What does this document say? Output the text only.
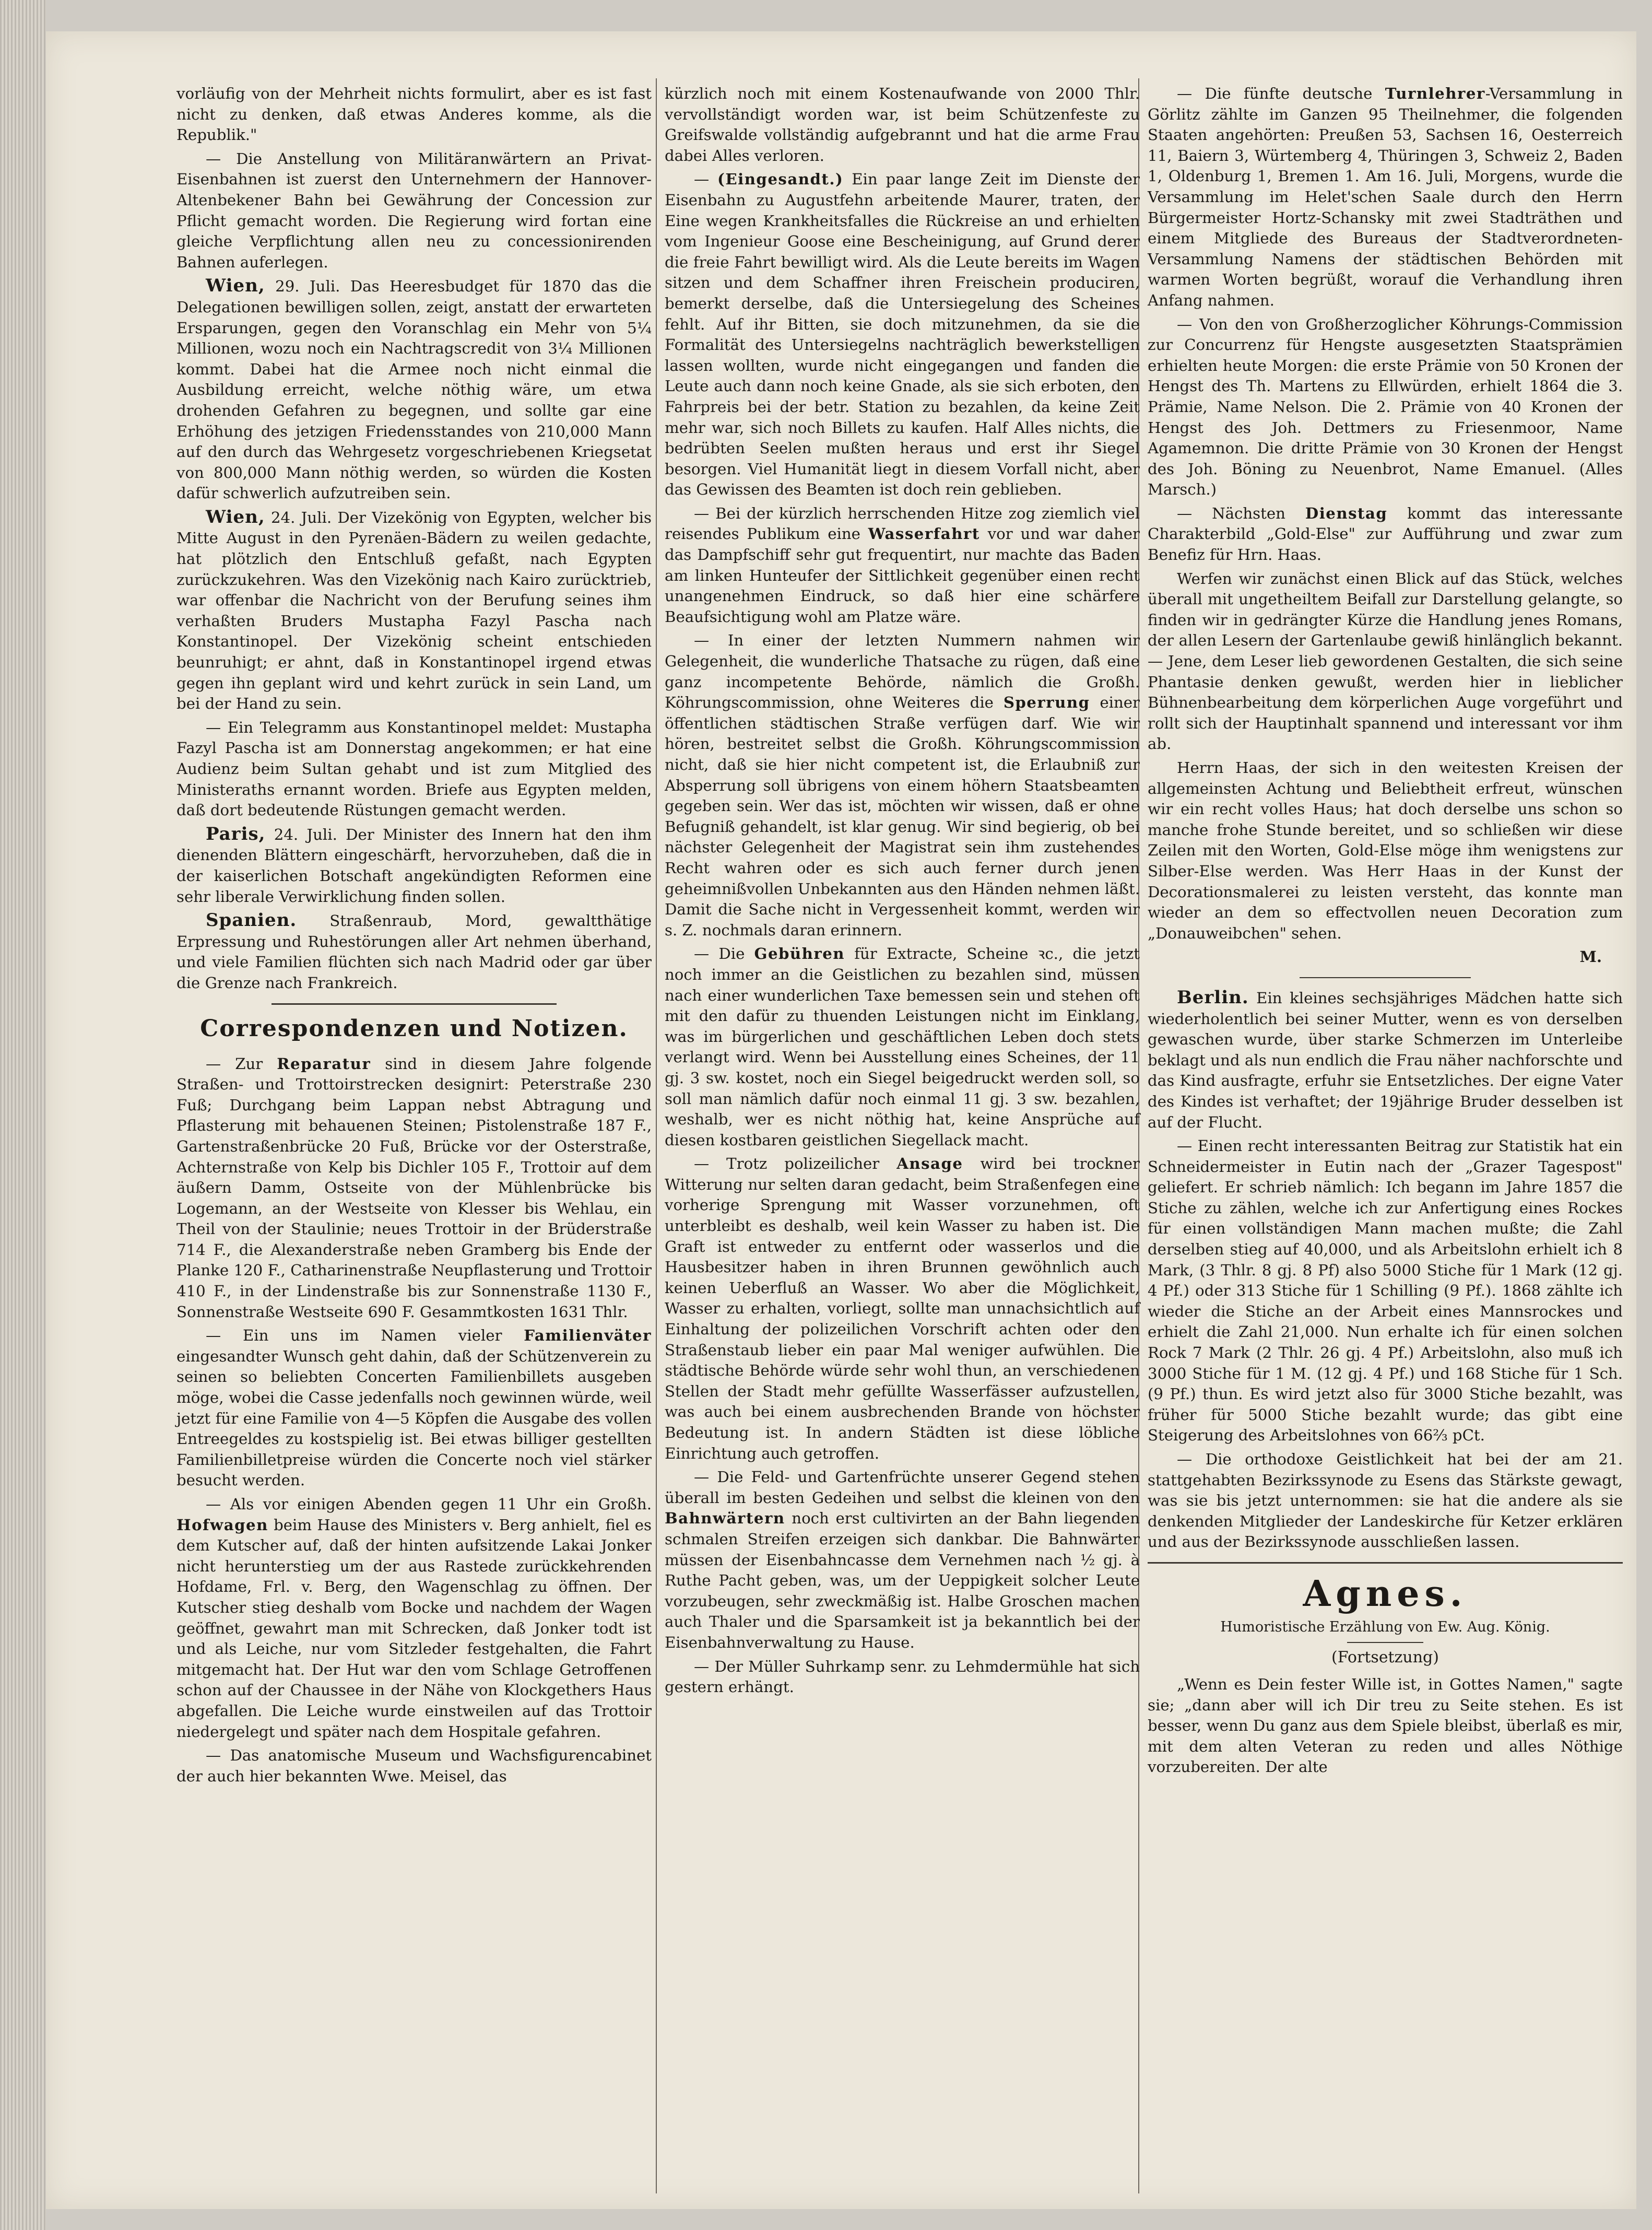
vorläufig von der Mehrheit nichts formulirt, aber es ist fast nicht zu denken, daß etwas Anderes komme, als die Republik."

— Die Anstellung von Militäranwärtern an Privat-Eisenbahnen ist zuerst den Unternehmern der Hannover-Altenbekener Bahn bei Gewährung der Concession zur Pflicht gemacht worden. Die Regierung wird fortan eine gleiche Verpflichtung allen neu zu concessionirenden Bahnen auferlegen.

Wien, 29. Juli. Das Heeresbudget für 1870 das die Delegationen bewilligen sollen, zeigt, anstatt der erwarteten Ersparungen, gegen den Voranschlag ein Mehr von 5¼ Millionen, wozu noch ein Nachtragscredit von 3¼ Millionen kommt. Dabei hat die Armee noch nicht einmal die Ausbildung erreicht, welche nöthig wäre, um etwa drohenden Gefahren zu begegnen, und sollte gar eine Erhöhung des jetzigen Friedensstandes von 210,000 Mann auf den durch das Wehrgesetz vorgeschriebenen Kriegsetat von 800,000 Mann nöthig werden, so würden die Kosten dafür schwerlich aufzutreiben sein.

Wien, 24. Juli. Der Vizekönig von Egypten, welcher bis Mitte August in den Pyrenäen-Bädern zu weilen gedachte, hat plötzlich den Entschluß gefaßt, nach Egypten zurückzukehren. Was den Vizekönig nach Kairo zurücktrieb, war offenbar die Nachricht von der Berufung seines ihm verhaßten Bruders Mustapha Fazyl Pascha nach Konstantinopel. Der Vizekönig scheint entschieden beunruhigt; er ahnt, daß in Konstantinopel irgend etwas gegen ihn geplant wird und kehrt zurück in sein Land, um bei der Hand zu sein.

— Ein Telegramm aus Konstantinopel meldet: Mustapha Fazyl Pascha ist am Donnerstag angekommen; er hat eine Audienz beim Sultan gehabt und ist zum Mitglied des Ministeraths ernannt worden. Briefe aus Egypten melden, daß dort bedeutende Rüstungen gemacht werden.

Paris, 24. Juli. Der Minister des Innern hat den ihm dienenden Blättern eingeschärft, hervorzuheben, daß die in der kaiserlichen Botschaft angekündigten Reformen eine sehr liberale Verwirklichung finden sollen.

Spanien. Straßenraub, Mord, gewaltthätige Erpressung und Ruhestörungen aller Art nehmen überhand, und viele Familien flüchten sich nach Madrid oder gar über die Grenze nach Frankreich.

Correspondenzen und Notizen.

— Zur Reparatur sind in diesem Jahre folgende Straßen- und Trottoirstrecken designirt: Peterstraße 230 Fuß; Durchgang beim Lappan nebst Abtragung und Pflasterung mit behauenen Steinen; Pistolenstraße 187 F., Gartenstraßenbrücke 20 Fuß, Brücke vor der Osterstraße, Achternstraße von Kelp bis Dichler 105 F., Trottoir auf dem äußern Damm, Ostseite von der Mühlenbrücke bis Logemann, an der Westseite von Klesser bis Wehlau, ein Theil von der Staulinie; neues Trottoir in der Brüderstraße 714 F., die Alexanderstraße neben Gramberg bis Ende der Planke 120 F., Catharinenstraße Neupflasterung und Trottoir 410 F., in der Lindenstraße bis zur Sonnenstraße 1130 F., Sonnenstraße Westseite 690 F. Gesammtkosten 1631 Thlr.

— Ein uns im Namen vieler Familienväter eingesandter Wunsch geht dahin, daß der Schützenverein zu seinen so beliebten Concerten Familienbillets ausgeben möge, wobei die Casse jedenfalls noch gewinnen würde, weil jetzt für eine Familie von 4—5 Köpfen die Ausgabe des vollen Entreegeldes zu kostspielig ist. Bei etwas billiger gestellten Familienbilletpreise würden die Concerte noch viel stärker besucht werden.

— Als vor einigen Abenden gegen 11 Uhr ein Großh. Hofwagen beim Hause des Ministers v. Berg anhielt, fiel es dem Kutscher auf, daß der hinten aufsitzende Lakai Jonker nicht herunterstieg um der aus Rastede zurückkehrenden Hofdame, Frl. v. Berg, den Wagenschlag zu öffnen. Der Kutscher stieg deshalb vom Bocke und nachdem der Wagen geöffnet, gewahrt man mit Schrecken, daß Jonker todt ist und als Leiche, nur vom Sitzleder festgehalten, die Fahrt mitgemacht hat. Der Hut war den vom Schlage Getroffenen schon auf der Chaussee in der Nähe von Klockgethers Haus abgefallen. Die Leiche wurde einstweilen auf das Trottoir niedergelegt und später nach dem Hospitale gefahren.

— Das anatomische Museum und Wachsfigurencabinet der auch hier bekannten Wwe. Meisel, das

kürzlich noch mit einem Kostenaufwande von 2000 Thlr. vervollständigt worden war, ist beim Schützenfeste zu Greifswalde vollständig aufgebrannt und hat die arme Frau dabei Alles verloren.

— (Eingesandt.) Ein paar lange Zeit im Dienste der Eisenbahn zu Augustfehn arbeitende Maurer, traten, der Eine wegen Krankheitsfalles die Rückreise an und erhielten vom Ingenieur Goose eine Bescheinigung, auf Grund derer die freie Fahrt bewilligt wird. Als die Leute bereits im Wagen sitzen und dem Schaffner ihren Freischein produciren, bemerkt derselbe, daß die Untersiegelung des Scheines fehlt. Auf ihr Bitten, sie doch mitzunehmen, da sie die Formalität des Untersiegelns nachträglich bewerkstelligen lassen wollten, wurde nicht eingegangen und fanden die Leute auch dann noch keine Gnade, als sie sich erboten, den Fahrpreis bei der betr. Station zu bezahlen, da keine Zeit mehr war, sich noch Billets zu kaufen. Half Alles nichts, die bedrübten Seelen mußten heraus und erst ihr Siegel besorgen. Viel Humanität liegt in diesem Vorfall nicht, aber das Gewissen des Beamten ist doch rein geblieben.

— Bei der kürzlich herrschenden Hitze zog ziemlich viel reisendes Publikum eine Wasserfahrt vor und war daher das Dampfschiff sehr gut frequentirt, nur machte das Baden am linken Hunteufer der Sittlichkeit gegenüber einen recht unangenehmen Eindruck, so daß hier eine schärfere Beaufsichtigung wohl am Platze wäre.

— In einer der letzten Nummern nahmen wir Gelegenheit, die wunderliche Thatsache zu rügen, daß eine ganz incompetente Behörde, nämlich die Großh. Köhrungscommission, ohne Weiteres die Sperrung einer öffentlichen städtischen Straße verfügen darf. Wie wir hören, bestreitet selbst die Großh. Köhrungscommission nicht, daß sie hier nicht competent ist, die Erlaubniß zur Absperrung soll übrigens von einem höhern Staatsbeamten gegeben sein. Wer das ist, möchten wir wissen, daß er ohne Befugniß gehandelt, ist klar genug. Wir sind begierig, ob bei nächster Gelegenheit der Magistrat sein ihm zustehendes Recht wahren oder es sich auch ferner durch jenen geheimnißvollen Unbekannten aus den Händen nehmen läßt. Damit die Sache nicht in Vergessenheit kommt, werden wir s. Z. nochmals daran erinnern.

— Die Gebühren für Extracte, Scheine ꝛc., die jetzt noch immer an die Geistlichen zu bezahlen sind, müssen nach einer wunderlichen Taxe bemessen sein und stehen oft mit den dafür zu thuenden Leistungen nicht im Einklang, was im bürgerlichen und geschäftlichen Leben doch stets verlangt wird. Wenn bei Ausstellung eines Scheines, der 11 gj. 3 sw. kostet, noch ein Siegel beigedruckt werden soll, so soll man nämlich dafür noch einmal 11 gj. 3 sw. bezahlen, weshalb, wer es nicht nöthig hat, keine Ansprüche auf diesen kostbaren geistlichen Siegellack macht.

— Trotz polizeilicher Ansage wird bei trockner Witterung nur selten daran gedacht, beim Straßenfegen eine vorherige Sprengung mit Wasser vorzunehmen, oft unterbleibt es deshalb, weil kein Wasser zu haben ist. Die Graft ist entweder zu entfernt oder wasserlos und die Hausbesitzer haben in ihren Brunnen gewöhnlich auch keinen Ueberfluß an Wasser. Wo aber die Möglichkeit, Wasser zu erhalten, vorliegt, sollte man unnachsichtlich auf Einhaltung der polizeilichen Vorschrift achten oder den Straßenstaub lieber ein paar Mal weniger aufwühlen. Die städtische Behörde würde sehr wohl thun, an verschiedenen Stellen der Stadt mehr gefüllte Wasserfässer aufzustellen, was auch bei einem ausbrechenden Brande von höchster Bedeutung ist. In andern Städten ist diese löbliche Einrichtung auch getroffen.

— Die Feld- und Gartenfrüchte unserer Gegend stehen überall im besten Gedeihen und selbst die kleinen von den Bahnwärtern noch erst cultivirten an der Bahn liegenden schmalen Streifen erzeigen sich dankbar. Die Bahnwärter müssen der Eisenbahncasse dem Vernehmen nach ½ gj. à Ruthe Pacht geben, was, um der Ueppigkeit solcher Leute vorzubeugen, sehr zweckmäßig ist. Halbe Groschen machen auch Thaler und die Sparsamkeit ist ja bekanntlich bei der Eisenbahnverwaltung zu Hause.

— Der Müller Suhrkamp senr. zu Lehmdermühle hat sich gestern erhängt.

— Die fünfte deutsche Turnlehrer-Versammlung in Görlitz zählte im Ganzen 95 Theilnehmer, die folgenden Staaten angehörten: Preußen 53, Sachsen 16, Oesterreich 11, Baiern 3, Würtemberg 4, Thüringen 3, Schweiz 2, Baden 1, Oldenburg 1, Bremen 1. Am 16. Juli, Morgens, wurde die Versammlung im Helet'schen Saale durch den Herrn Bürgermeister Hortz-Schansky mit zwei Stadträthen und einem Mitgliede des Bureaus der Stadtverordneten-Versammlung Namens der städtischen Behörden mit warmen Worten begrüßt, worauf die Verhandlung ihren Anfang nahmen.

— Von den von Großherzoglicher Köhrungs-Commission zur Concurrenz für Hengste ausgesetzten Staatsprämien erhielten heute Morgen: die erste Prämie von 50 Kronen der Hengst des Th. Martens zu Ellwürden, erhielt 1864 die 3. Prämie, Name Nelson. Die 2. Prämie von 40 Kronen der Hengst des Joh. Dettmers zu Friesenmoor, Name Agamemnon. Die dritte Prämie von 30 Kronen der Hengst des Joh. Böning zu Neuenbrot, Name Emanuel. (Alles Marsch.)

— Nächsten Dienstag kommt das interessante Charakterbild „Gold-Else" zur Aufführung und zwar zum Benefiz für Hrn. Haas.

Werfen wir zunächst einen Blick auf das Stück, welches überall mit ungetheiltem Beifall zur Darstellung gelangte, so finden wir in gedrängter Kürze die Handlung jenes Romans, der allen Lesern der Gartenlaube gewiß hinlänglich bekannt. — Jene, dem Leser lieb gewordenen Gestalten, die sich seine Phantasie denken gewußt, werden hier in lieblicher Bühnenbearbeitung dem körperlichen Auge vorgeführt und rollt sich der Hauptinhalt spannend und interessant vor ihm ab.

Herrn Haas, der sich in den weitesten Kreisen der allgemeinsten Achtung und Beliebtheit erfreut, wünschen wir ein recht volles Haus; hat doch derselbe uns schon so manche frohe Stunde bereitet, und so schließen wir diese Zeilen mit den Worten, Gold-Else möge ihm wenigstens zur Silber-Else werden. Was Herr Haas in der Kunst der Decorationsmalerei zu leisten versteht, das konnte man wieder an dem so effectvollen neuen Decoration zum „Donauweibchen" sehen.

M.

Berlin. Ein kleines sechsjähriges Mädchen hatte sich wiederholentlich bei seiner Mutter, wenn es von derselben gewaschen wurde, über starke Schmerzen im Unterleibe beklagt und als nun endlich die Frau näher nachforschte und das Kind ausfragte, erfuhr sie Entsetzliches. Der eigne Vater des Kindes ist verhaftet; der 19jährige Bruder desselben ist auf der Flucht.

— Einen recht interessanten Beitrag zur Statistik hat ein Schneidermeister in Eutin nach der „Grazer Tagespost" geliefert. Er schrieb nämlich: Ich begann im Jahre 1857 die Stiche zu zählen, welche ich zur Anfertigung eines Rockes für einen vollständigen Mann machen mußte; die Zahl derselben stieg auf 40,000, und als Arbeitslohn erhielt ich 8 Mark, (3 Thlr. 8 gj. 8 Pf) also 5000 Stiche für 1 Mark (12 gj. 4 Pf.) oder 313 Stiche für 1 Schilling (9 Pf.). 1868 zählte ich wieder die Stiche an der Arbeit eines Mannsrockes und erhielt die Zahl 21,000. Nun erhalte ich für einen solchen Rock 7 Mark (2 Thlr. 26 gj. 4 Pf.) Arbeitslohn, also muß ich 3000 Stiche für 1 M. (12 gj. 4 Pf.) und 168 Stiche für 1 Sch. (9 Pf.) thun. Es wird jetzt also für 3000 Stiche bezahlt, was früher für 5000 Stiche bezahlt wurde; das gibt eine Steigerung des Arbeitslohnes von 66⅔ pCt.

— Die orthodoxe Geistlichkeit hat bei der am 21. stattgehabten Bezirkssynode zu Esens das Stärkste gewagt, was sie bis jetzt unternommen: sie hat die andere als sie denkenden Mitglieder der Landeskirche für Ketzer erklären und aus der Bezirkssynode ausschließen lassen.

Agnes.
Humoristische Erzählung von Ew. Aug. König.
(Fortsetzung)

„Wenn es Dein fester Wille ist, in Gottes Namen," sagte sie; „dann aber will ich Dir treu zu Seite stehen. Es ist besser, wenn Du ganz aus dem Spiele bleibst, überlaß es mir, mit dem alten Veteran zu reden und alles Nöthige vorzubereiten. Der alte
